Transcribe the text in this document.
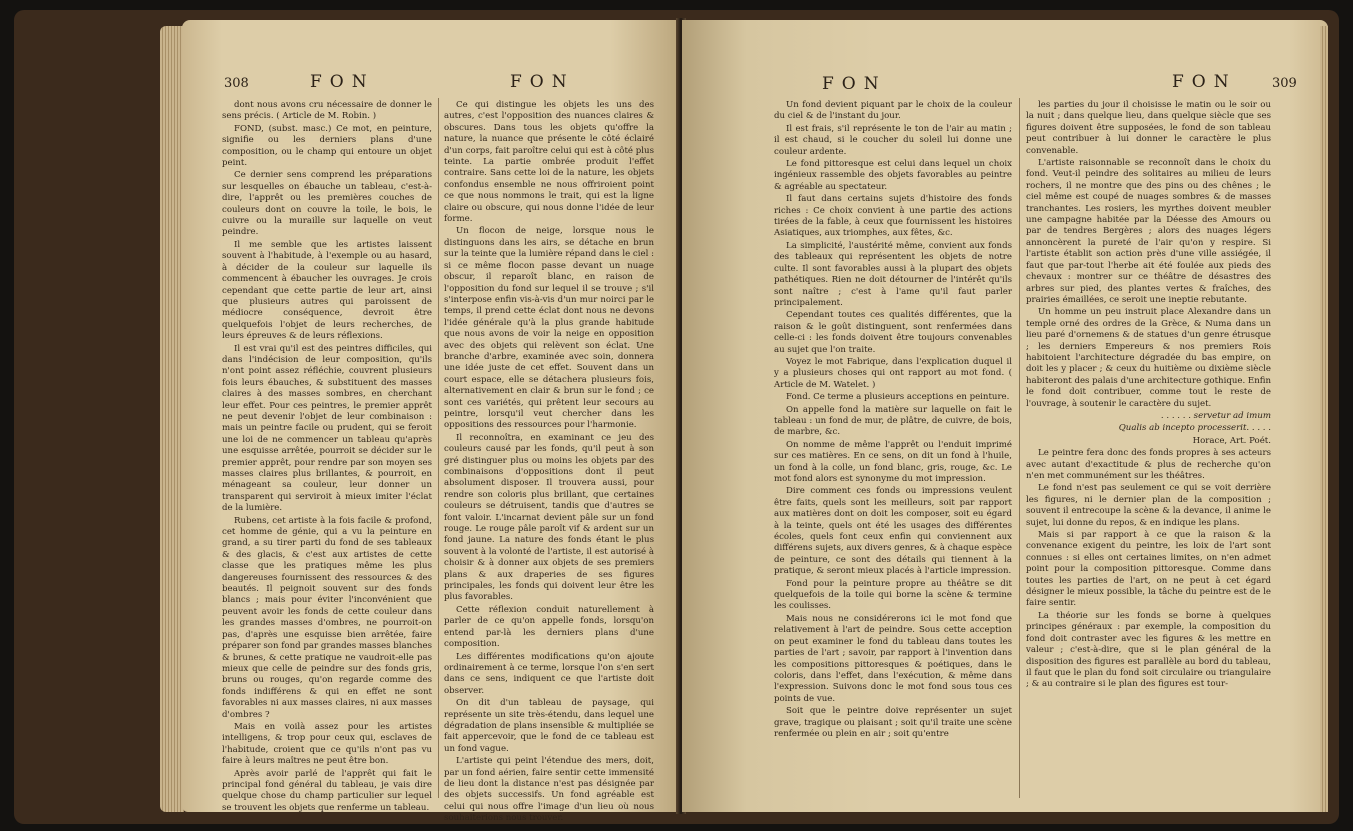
308	FON	FON

dont nous avons cru nécessaire de donner le sens précis. ( Article de M. Robin. )

FOND, (subst. masc.) Ce mot, en peinture, signifie ou les derniers plans d'une composition, ou le champ qui entoure un objet peint.

Ce dernier sens comprend les préparations sur lesquelles on ébauche un tableau, c'est-à-dire, l'apprêt ou les premières couches de couleurs dont on couvre la toile, le bois, le cuivre ou la muraille sur laquelle on veut peindre.

Il me semble que les artistes laissent souvent à l'habitude, à l'exemple ou au hasard, à décider de la couleur sur laquelle ils commencent à ébaucher les ouvrages. Je crois cependant que cette partie de leur art, ainsi que plusieurs autres qui paroissent de médiocre conséquence, devroit être quelquefois l'objet de leurs recherches, de leurs épreuves & de leurs réflexions.

Il est vrai qu'il est des peintres difficiles, qui dans l'indécision de leur composition, qu'ils n'ont point assez réfléchie, couvrent plusieurs fois leurs ébauches, & substituent des masses claires à des masses sombres, en cherchant leur effet. Pour ces peintres, le premier apprêt ne peut devenir l'objet de leur combinaison : mais un peintre facile ou prudent, qui se feroit une loi de ne commencer un tableau qu'après une esquisse arrêtée, pourroit se décider sur le premier apprêt, pour rendre par son moyen ses masses claires plus brillantes, & pourroit, en ménageant sa couleur, leur donner un transparent qui serviroit à mieux imiter l'éclat de la lumière.

Rubens, cet artiste à la fois facile & profond, cet homme de génie, qui a vu la peinture en grand, a su tirer parti du fond de ses tableaux & des glacis, & c'est aux artistes de cette classe que les pratiques même les plus dangereuses fournissent des ressources & des beautés. Il peignoit souvent sur des fonds blancs ; mais pour éviter l'inconvénient que peuvent avoir les fonds de cette couleur dans les grandes masses d'ombres, ne pourroit-on pas, d'après une esquisse bien arrêtée, faire préparer son fond par grandes masses blanches & brunes, & cette pratique ne vaudroit-elle pas mieux que celle de peindre sur des fonds gris, bruns ou rouges, qu'on regarde comme des fonds indifférens & qui en effet ne sont favorables ni aux masses claires, ni aux masses d'ombres ?

Mais en voilà assez pour les artistes intelligens, & trop pour ceux qui, esclaves de l'habitude, croient que ce qu'ils n'ont pas vu faire à leurs maîtres ne peut être bon.

Après avoir parlé de l'apprêt qui fait le principal fond général du tableau, je vais dire quelque chose du champ particulier sur lequel se trouvent les objets que renferme un tableau.

Ce qui distingue les objets les uns des autres, c'est l'opposition des nuances claires & obscures. Dans tous les objets qu'offre la nature, la nuance que présente le côté éclairé d'un corps, fait paroître celui qui est à côté plus teinte. La partie ombrée produit l'effet contraire. Sans cette loi de la nature, les objets confondus ensemble ne nous offriroient point ce que nous nommons le trait, qui est la ligne claire ou obscure, qui nous donne l'idée de leur forme.

Un flocon de neige, lorsque nous le distinguons dans les airs, se détache en brun sur la teinte que la lumière répand dans le ciel : si ce même flocon passe devant un nuage obscur, il reparoît blanc, en raison de l'opposition du fond sur lequel il se trouve ; s'il s'interpose enfin vis-à-vis d'un mur noirci par le temps, il prend cette éclat dont nous ne devons l'idée générale qu'à la plus grande habitude que nous avons de voir la neige en opposition avec des objets qui relèvent son éclat. Une branche d'arbre, examinée avec soin, donnera une idée juste de cet effet. Souvent dans un court espace, elle se détachera plusieurs fois, alternativement en clair & brun sur le fond ; ce sont ces variétés, qui prêtent leur secours au peintre, lorsqu'il veut chercher dans les oppositions des ressources pour l'harmonie.

Il reconnoîtra, en examinant ce jeu des couleurs causé par les fonds, qu'il peut à son gré distinguer plus ou moins les objets par des combinaisons d'oppositions dont il peut absolument disposer. Il trouvera aussi, pour rendre son coloris plus brillant, que certaines couleurs se détruisent, tandis que d'autres se font valoir. L'incarnat devient pâle sur un fond rouge. Le rouge pâle paroît vif & ardent sur un fond jaune. La nature des fonds étant le plus souvent à la volonté de l'artiste, il est autorisé à choisir & à donner aux objets de ses premiers plans & aux draperies de ses figures principales, les fonds qui doivent leur être les plus favorables.

Cette réflexion conduit naturellement à parler de ce qu'on appelle fonds, lorsqu'on entend par-là les derniers plans d'une composition.

Les différentes modifications qu'on ajoute ordinairement à ce terme, lorsque l'on s'en sert dans ce sens, indiquent ce que l'artiste doit observer.

On dit d'un tableau de paysage, qui représente un site très-étendu, dans lequel une dégradation de plans insensible & multipliée se fait appercevoir, que le fond de ce tableau est un fond vague.

L'artiste qui peint l'étendue des mers, doit, par un fond aérien, faire sentir cette immensité de lieu dont la distance n'est pas désignée par des objets successifs. Un fond agréable est celui qui nous offre l'image d'un lieu où nous souhaiterions nous trouver.

FON	FON	309

Un fond devient piquant par le choix de la couleur du ciel & de l'instant du jour.

Il est frais, s'il représente le ton de l'air au matin ; il est chaud, si le coucher du soleil lui donne une couleur ardente.

Le fond pittoresque est celui dans lequel un choix ingénieux rassemble des objets favorables au peintre & agréable au spectateur.

Il faut dans certains sujets d'histoire des fonds riches : Ce choix convient à une partie des actions tirées de la fable, à ceux que fournissent les histoires Asiatiques, aux triomphes, aux fêtes, &c.

La simplicité, l'austérité même, convient aux fonds des tableaux qui représentent les objets de notre culte. Il sont favorables aussi à la plupart des objets pathétiques. Rien ne doit détourner de l'intérêt qu'ils sont naître ; c'est à l'ame qu'il faut parler principalement.

Cependant toutes ces qualités différentes, que la raison & le goût distinguent, sont renfermées dans celle-ci : les fonds doivent être toujours convenables au sujet que l'on traite.

Voyez le mot Fabrique, dans l'explication duquel il y a plusieurs choses qui ont rapport au mot fond. ( Article de M. Watelet. )

Fond. Ce terme a plusieurs acceptions en peinture.

On appelle fond la matière sur laquelle on fait le tableau : un fond de mur, de plâtre, de cuivre, de bois, de marbre, &c.

On nomme de même l'apprêt ou l'enduit imprimé sur ces matières. En ce sens, on dit un fond à l'huile, un fond à la colle, un fond blanc, gris, rouge, &c. Le mot fond alors est synonyme du mot impression.

Dire comment ces fonds ou impressions veulent être faits, quels sont les meilleurs, soit par rapport aux matières dont on doit les composer, soit eu égard à la teinte, quels ont été les usages des différentes écoles, quels font ceux enfin qui conviennent aux différens sujets, aux divers genres, & à chaque espèce de peinture, ce sont des détails qui tiennent à la pratique, & seront mieux placés à l'article impression.

Fond pour la peinture propre au théâtre se dit quelquefois de la toile qui borne la scène & termine les coulisses.

Mais nous ne considérerons ici le mot fond que relativement à l'art de peindre. Sous cette acception on peut examiner le fond du tableau dans toutes les parties de l'art ; savoir, par rapport à l'invention dans les compositions pittoresques & poétiques, dans le coloris, dans l'effet, dans l'exécution, & même dans l'expression. Suivons donc le mot fond sous tous ces points de vue.

Soit que le peintre doive représenter un sujet grave, tragique ou plaisant ; soit qu'il traite une scène renfermée ou plein en air ; soit qu'entre

les parties du jour il choisisse le matin ou le soir ou la nuit ; dans quelque lieu, dans quelque siècle que ses figures doivent être supposées, le fond de son tableau peut contribuer à lui donner le caractère le plus convenable.

L'artiste raisonnable se reconnoît dans le choix du fond. Veut-il peindre des solitaires au milieu de leurs rochers, il ne montre que des pins ou des chênes ; le ciel même est coupé de nuages sombres & de masses tranchantes. Les rosiers, les myrthes doivent meubler une campagne habitée par la Déesse des Amours ou par de tendres Bergères ; alors des nuages légers annoncèrent la pureté de l'air qu'on y respire. Si l'artiste établit son action près d'une ville assiégée, il faut que par-tout l'herbe ait été foulée aux pieds des chevaux : montrer sur ce théâtre de désastres des arbres sur pied, des plantes vertes & fraîches, des prairies émaillées, ce seroit une ineptie rebutante.

Un homme un peu instruit place Alexandre dans un temple orné des ordres de la Grèce, & Numa dans un lieu paré d'ornemens & de statues d'un genre étrusque ; les derniers Empereurs & nos premiers Rois habitoient l'architecture dégradée du bas empire, on doit les y placer ; & ceux du huitième ou dixième siècle habiteront des palais d'une architecture gothique. Enfin le fond doit contribuer, comme tout le reste de l'ouvrage, à soutenir le caractère du sujet.

. . . . . . servetur ad imum

Qualis ab incepto processerit. . . . .

Horace, Art. Poét.

Le peintre fera donc des fonds propres à ses acteurs avec autant d'exactitude & plus de recherche qu'on n'en met communément sur les théâtres.

Le fond n'est pas seulement ce qui se voit derrière les figures, ni le dernier plan de la composition ; souvent il entrecoupe la scène & la devance, il anime le sujet, lui donne du repos, & en indique les plans.

Mais si par rapport à ce que la raison & la convenance exigent du peintre, les loix de l'art sont connues : si elles ont certaines limites, on n'en admet point pour la composition pittoresque. Comme dans toutes les parties de l'art, on ne peut à cet égard désigner le mieux possible, la tâche du peintre est de le faire sentir.

La théorie sur les fonds se borne à quelques principes généraux : par exemple, la composition du fond doit contraster avec les figures & les mettre en valeur ; c'est-à-dire, que si le plan général de la disposition des figures est parallèle au bord du tableau, il faut que le plan du fond soit circulaire ou triangulaire ; & au contraire si le plan des figures est tour-
